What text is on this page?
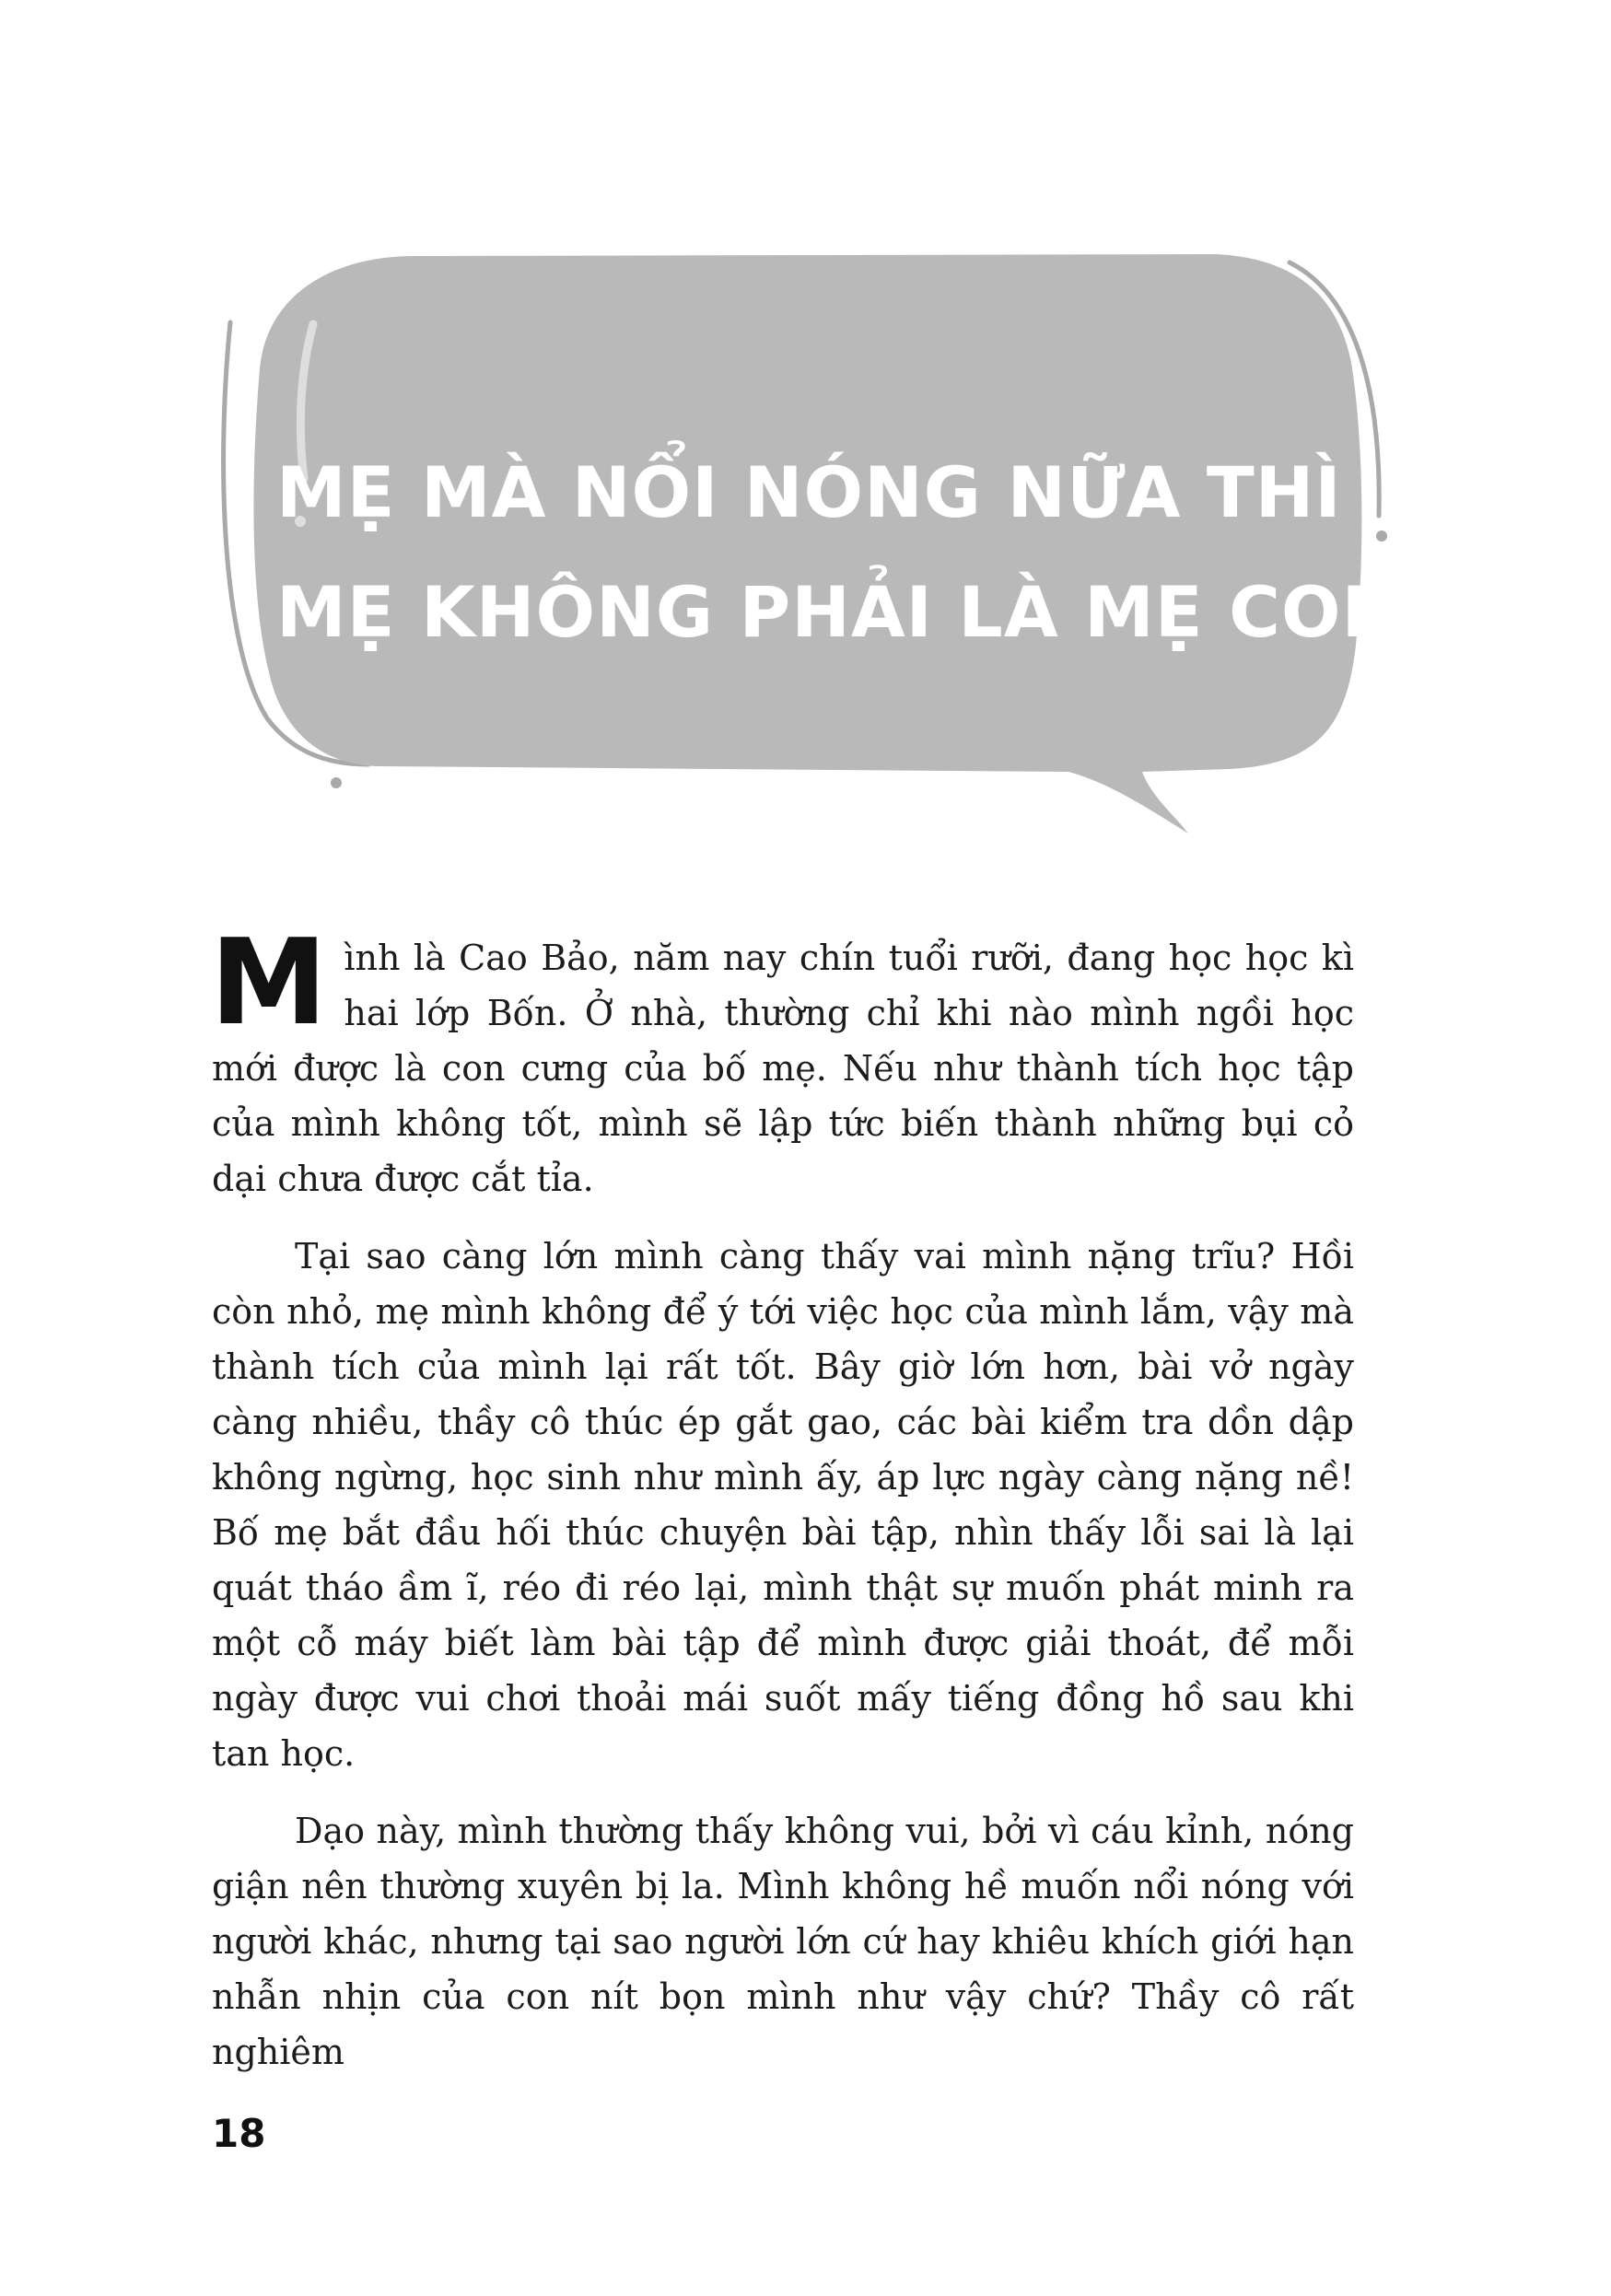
MẸ MÀ NỔI NÓNG NỮA THÌ
MẸ KHÔNG PHẢI LÀ MẸ CON

Mình là Cao Bảo, năm nay chín tuổi rưỡi, đang học học kì hai lớp Bốn. Ở nhà, thường chỉ khi nào mình ngồi học mới được là con cưng của bố mẹ. Nếu như thành tích học tập của mình không tốt, mình sẽ lập tức biến thành những bụi cỏ dại chưa được cắt tỉa.

Tại sao càng lớn mình càng thấy vai mình nặng trĩu? Hồi còn nhỏ, mẹ mình không để ý tới việc học của mình lắm, vậy mà thành tích của mình lại rất tốt. Bây giờ lớn hơn, bài vở ngày càng nhiều, thầy cô thúc ép gắt gao, các bài kiểm tra dồn dập không ngừng, học sinh như mình ấy, áp lực ngày càng nặng nề! Bố mẹ bắt đầu hối thúc chuyện bài tập, nhìn thấy lỗi sai là lại quát tháo ầm ĩ, réo đi réo lại, mình thật sự muốn phát minh ra một cỗ máy biết làm bài tập để mình được giải thoát, để mỗi ngày được vui chơi thoải mái suốt mấy tiếng đồng hồ sau khi tan học.

Dạo này, mình thường thấy không vui, bởi vì cáu kỉnh, nóng giận nên thường xuyên bị la. Mình không hề muốn nổi nóng với người khác, nhưng tại sao người lớn cứ hay khiêu khích giới hạn nhẫn nhịn của con nít bọn mình như vậy chứ? Thầy cô rất nghiêm

18
